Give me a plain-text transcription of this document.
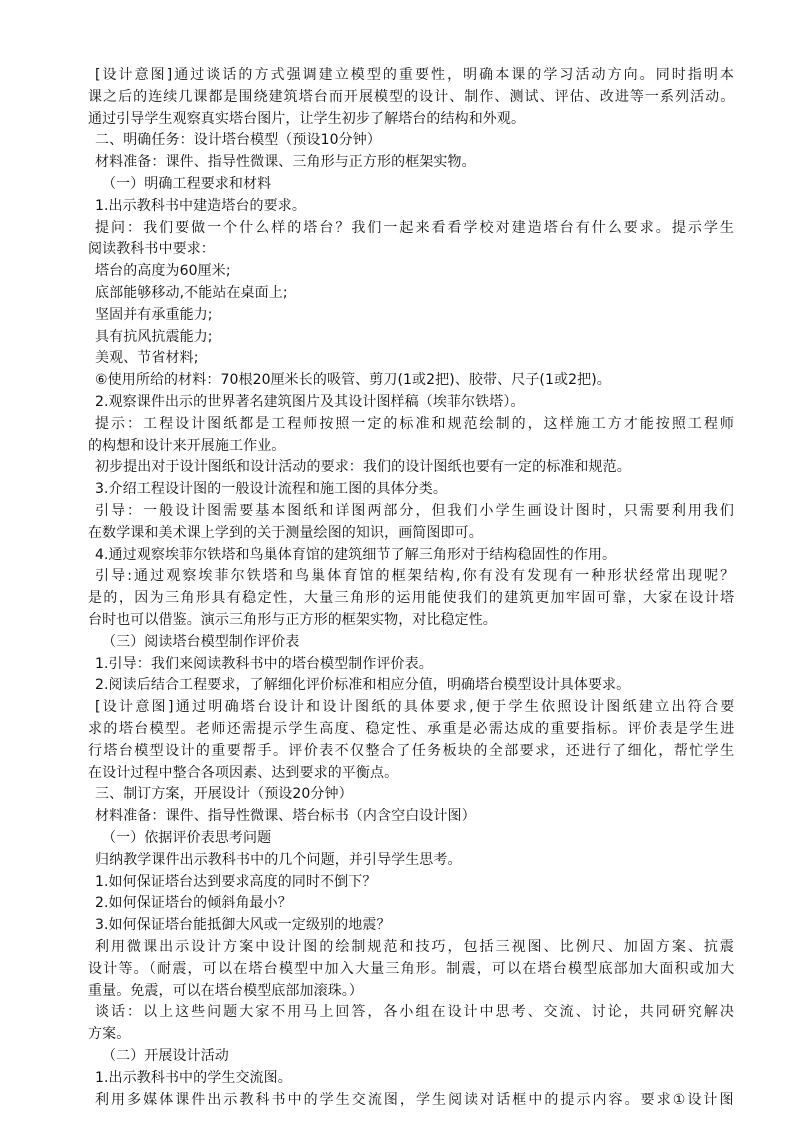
[设计意图]通过谈话的方式强调建立模型的重要性，明确本课的学习活动方向。同时指明本
课之后的连续几课都是围绕建筑塔台而开展模型的设计、制作、测试、评估、改进等一系列活动。
通过引导学生观察真实塔台图片，让学生初步了解塔台的结构和外观。
二、明确任务：设计塔台模型（预设10分钟）
材料准备：课件、指导性微课、三角形与正方形的框架实物。
（一）明确工程要求和材料
1.出示教科书中建造塔台的要求。
提问：我们要做一个什么样的塔台？我们一起来看看学校对建造塔台有什么要求。提示学生
阅读教科书中要求：
塔台的高度为60厘米;
底部能够移动,不能站在桌面上;
坚固并有承重能力;
具有抗风抗震能力;
美观、节省材料;
⑥使用所给的材料：70根20厘米长的吸管、剪刀(1或2把)、胶带、尺子(1或2把)。
2.观察课件出示的世界著名建筑图片及其设计图样稿（埃菲尔铁塔）。
提示：工程设计图纸都是工程师按照一定的标准和规范绘制的，这样施工方才能按照工程师
的构想和设计来开展施工作业。
初步提出对于设计图纸和设计活动的要求：我们的设计图纸也要有一定的标准和规范。
3.介绍工程设计图的一般设计流程和施工图的具体分类。
引导：一般设计图需要基本图纸和详图两部分，但我们小学生画设计图时，只需要利用我们
在数学课和美术课上学到的关于测量绘图的知识，画简图即可。
4.通过观察埃菲尔铁塔和鸟巢体育馆的建筑细节了解三角形对于结构稳固性的作用。
引导:通过观察埃菲尔铁塔和鸟巢体育馆的框架结构,你有没有发现有一种形状经常出现呢？
是的，因为三角形具有稳定性，大量三角形的运用能使我们的建筑更加牢固可靠，大家在设计塔
台时也可以借鉴。演示三角形与正方形的框架实物，对比稳定性。
（三）阅读塔台模型制作评价表
1.引导：我们来阅读教科书中的塔台模型制作评价表。
2.阅读后结合工程要求，了解细化评价标准和相应分值，明确塔台模型设计具体要求。
[设计意图]通过明确塔台设计和设计图纸的具体要求,便于学生依照设计图纸建立出符合要
求的塔台模型。老师还需提示学生高度、稳定性、承重是必需达成的重要指标。评价表是学生进
行塔台模型设计的重要帮手。评价表不仅整合了任务板块的全部要求，还进行了细化，帮忙学生
在设计过程中整合各项因素、达到要求的平衡点。
三、制订方案，开展设计（预设20分钟）
材料准备：课件、指导性微课、塔台标书（内含空白设计图）
（一）依据评价表思考问题
归纳教学课件出示教科书中的几个问题，并引导学生思考。
1.如何保证塔台达到要求高度的同时不倒下？
2.如何保证塔台的倾斜角最小？
3.如何保证塔台能抵御大风或一定级别的地震？
利用微课出示设计方案中设计图的绘制规范和技巧，包括三视图、比例尺、加固方案、抗震
设计等。（耐震，可以在塔台模型中加入大量三角形。制震，可以在塔台模型底部加大面积或加大
重量。免震，可以在塔台模型底部加滚珠。）
谈话：以上这些问题大家不用马上回答，各小组在设计中思考、交流、讨论，共同研究解决
方案。
（二）开展设计活动
1.出示教科书中的学生交流图。
利用多媒体课件出示教科书中的学生交流图，学生阅读对话框中的提示内容。要求①设计图
